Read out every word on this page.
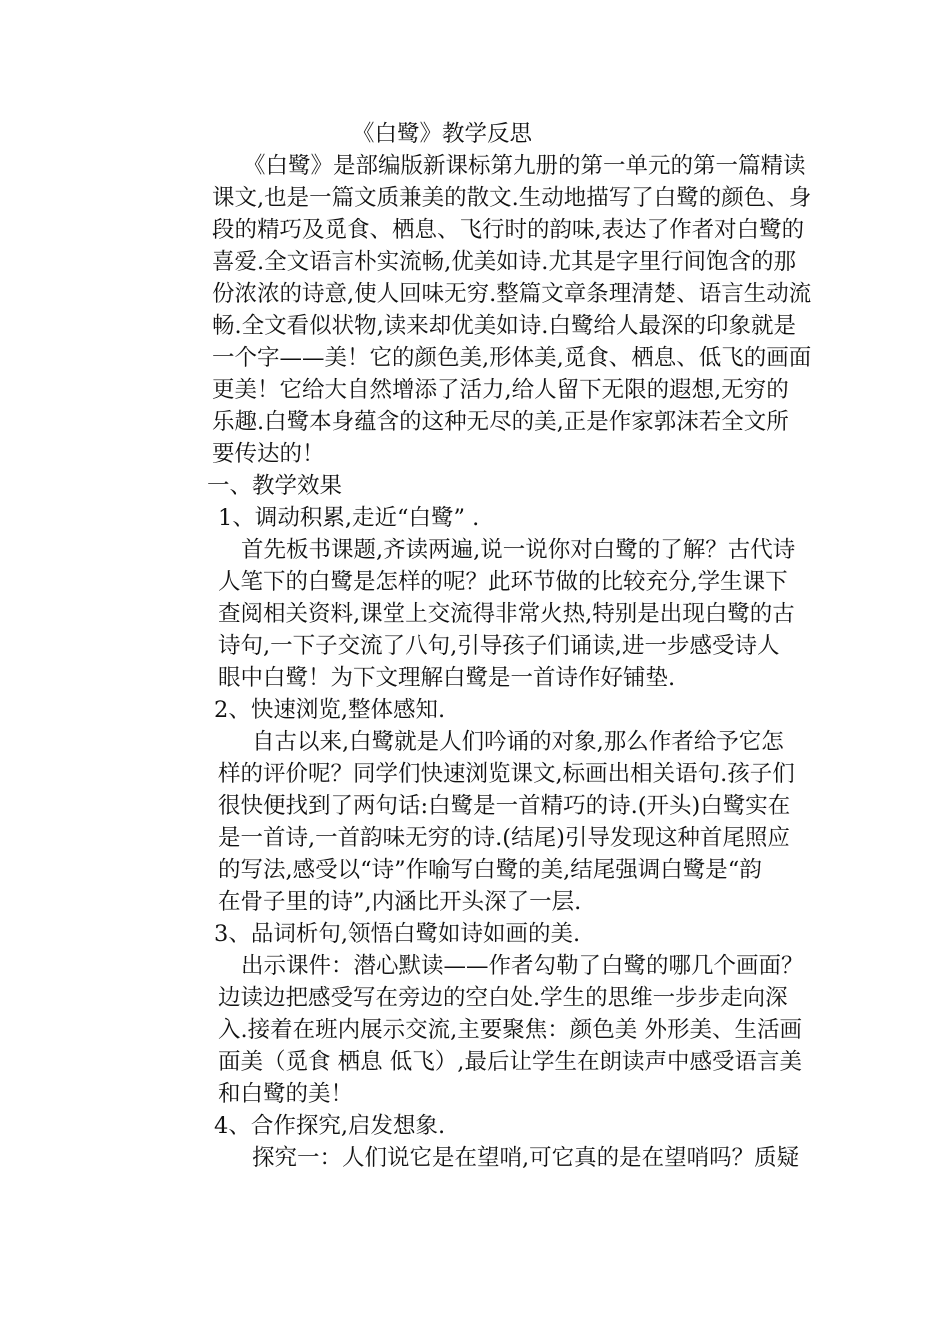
《白鹭》教学反思
《白鹭》是部编版新课标第九册的第一单元的第一篇精读
课文,也是一篇文质兼美的散文.生动地描写了白鹭的颜色、身
段的精巧及觅食、栖息、飞行时的韵味,表达了作者对白鹭的
喜爱.全文语言朴实流畅,优美如诗.尤其是字里行间饱含的那
份浓浓的诗意,使人回味无穷.整篇文章条理清楚、语言生动流
畅.全文看似状物,读来却优美如诗.白鹭给人最深的印象就是
一个字——美！它的颜色美,形体美,觅食、栖息、低飞的画面
更美！它给大自然增添了活力,给人留下无限的遐想,无穷的
乐趣.白鹭本身蕴含的这种无尽的美,正是作家郭沫若全文所
要传达的！
一、教学效果
1、调动积累,走近“白鹭” .
首先板书课题,齐读两遍,说一说你对白鹭的了解？古代诗
人笔下的白鹭是怎样的呢？此环节做的比较充分,学生课下
查阅相关资料,课堂上交流得非常火热,特别是出现白鹭的古
诗句,一下子交流了八句,引导孩子们诵读,进一步感受诗人
眼中白鹭！为下文理解白鹭是一首诗作好铺垫.
2、快速浏览,整体感知.
自古以来,白鹭就是人们吟诵的对象,那么作者给予它怎
样的评价呢？同学们快速浏览课文,标画出相关语句.孩子们
很快便找到了两句话:白鹭是一首精巧的诗.(开头)白鹭实在
是一首诗,一首韵味无穷的诗.(结尾)引导发现这种首尾照应
的写法,感受以“诗”作喻写白鹭的美,结尾强调白鹭是“韵
在骨子里的诗”,内涵比开头深了一层.
3、品词析句,领悟白鹭如诗如画的美.
出示课件：潜心默读——作者勾勒了白鹭的哪几个画面？
边读边把感受写在旁边的空白处.学生的思维一步步走向深
入.接着在班内展示交流,主要聚焦：颜色美 外形美、生活画
面美（觅食 栖息 低飞）,最后让学生在朗读声中感受语言美
和白鹭的美！
4、合作探究,启发想象.
探究一：人们说它是在望哨,可它真的是在望哨吗？质疑
